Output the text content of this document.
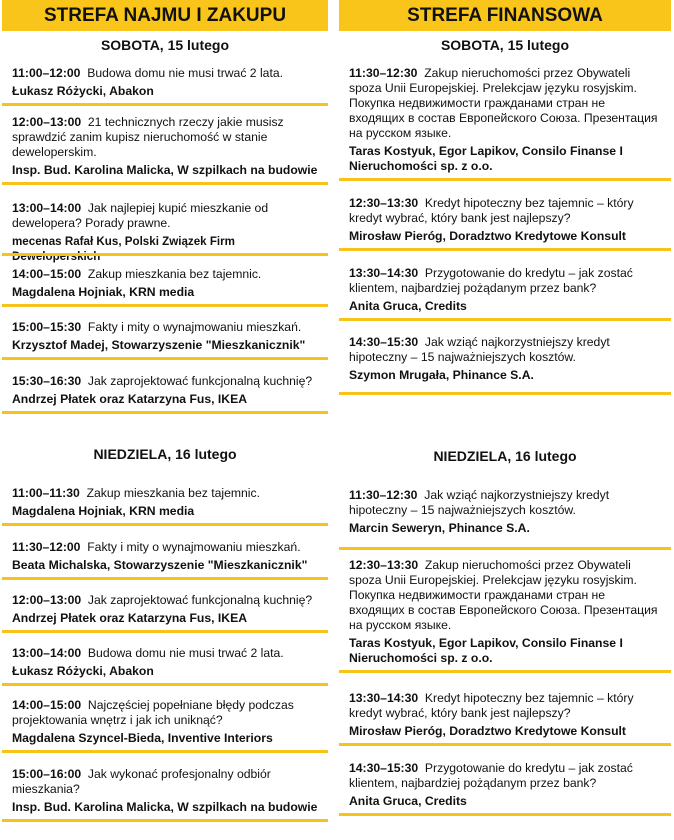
STREFA NAJMU I ZAKUPU
SOBOTA, 15 lutego
11:00–12:00 Budowa domu nie musi trwać 2 lata.
Łukasz Różycki, Abakon
12:00–13:00 21 technicznych rzeczy jakie musisz sprawdzić zanim kupisz nieruchomość w stanie deweloperskim.
Insp. Bud. Karolina Malicka, W szpilkach na budowie
13:00–14:00 Jak najlepiej kupić mieszkanie od dewelopera? Porady prawne.
mecenas Rafał Kus, Polski Związek Firm Deweloperskich
14:00–15:00 Zakup mieszkania bez tajemnic.
Magdalena Hojniak, KRN media
15:00–15:30 Fakty i mity o wynajmowaniu mieszkań.
Krzysztof Madej, Stowarzyszenie "Mieszkanicznik"
15:30–16:30 Jak zaprojektować funkcjonalną kuchnię?
Andrzej Płatek oraz Katarzyna Fus, IKEA
NIEDZIELA, 16 lutego
11:00–11:30 Zakup mieszkania bez tajemnic.
Magdalena Hojniak, KRN media
11:30–12:00 Fakty i mity o wynajmowaniu mieszkań.
Beata Michalska, Stowarzyszenie "Mieszkanicznik"
12:00–13:00 Jak zaprojektować funkcjonalną kuchnię?
Andrzej Płatek oraz Katarzyna Fus, IKEA
13:00–14:00 Budowa domu nie musi trwać 2 lata.
Łukasz Różycki, Abakon
14:00–15:00 Najczęściej popełniane błędy podczas projektowania wnętrz i jak ich uniknąć?
Magdalena Szyncel-Bieda, Inventive Interiors
15:00–16:00 Jak wykonać profesjonalny odbiór mieszkania?
Insp. Bud. Karolina Malicka, W szpilkach na budowie
STREFA FINANSOWA
SOBOTA, 15 lutego
11:30–12:30 Zakup nieruchomości przez Obywateli spoza Unii Europejskiej. Prelekcjaw języku rosyjskim. Покупка недвижимости гражданами стран не входящих в состав Европейского Союза. Презентация на русском языке.
Taras Kostyuk, Egor Lapikov, Consilo Finanse I Nieruchomości sp. z o.o.
12:30–13:30 Kredyt hipoteczny bez tajemnic – który kredyt wybrać, który bank jest najlepszy?
Mirosław Pieróg, Doradztwo Kredytowe Konsult
13:30–14:30 Przygotowanie do kredytu – jak zostać klientem, najbardziej pożądanym przez bank?
Anita Gruca, Credits
14:30–15:30 Jak wziąć najkorzystniejszy kredyt hipoteczny – 15 najważniejszych kosztów.
Szymon Mrugała, Phinance S.A.
NIEDZIELA, 16 lutego
11:30–12:30 Jak wziąć najkorzystniejszy kredyt hipoteczny – 15 najważniejszych kosztów.
Marcin Seweryn, Phinance S.A.
12:30–13:30 Zakup nieruchomości przez Obywateli spoza Unii Europejskiej. Prelekcjaw języku rosyjskim. Покупка недвижимости гражданами стран не входящих в состав Европейского Союза. Презентация на русском языке.
Taras Kostyuk, Egor Lapikov, Consilo Finanse I Nieruchomości sp. z o.o.
13:30–14:30 Kredyt hipoteczny bez tajemnic – który kredyt wybrać, który bank jest najlepszy?
Mirosław Pieróg, Doradztwo Kredytowe Konsult
14:30–15:30 Przygotowanie do kredytu – jak zostać klientem, najbardziej pożądanym przez bank?
Anita Gruca, Credits
